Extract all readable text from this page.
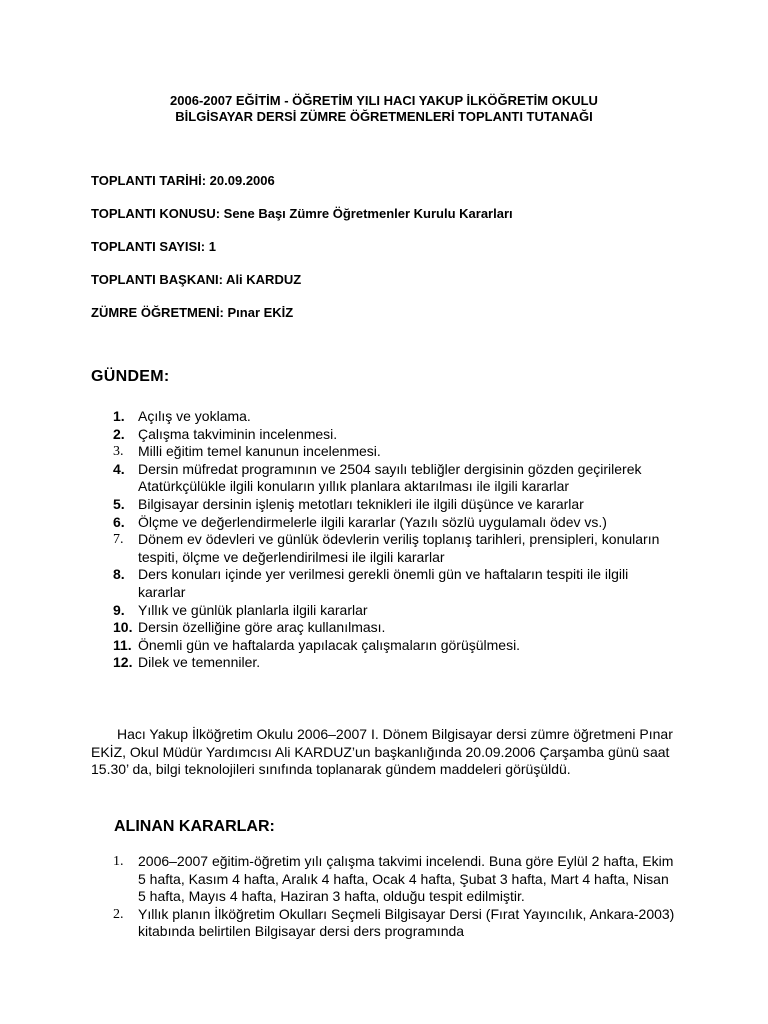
2006-2007 EĞİTİM - ÖĞRETİM YILI HACI YAKUP İLKÖĞRETİM OKULU
BİLGİSAYAR DERSİ ZÜMRE ÖĞRETMENLERİ TOPLANTI TUTANAĞI
TOPLANTI TARİHİ: 20.09.2006
TOPLANTI KONUSU: Sene Başı Zümre Öğretmenler Kurulu Kararları
TOPLANTI SAYISI: 1
TOPLANTI BAŞKANI: Ali KARDUZ
ZÜMRE ÖĞRETMENİ: Pınar EKİZ
GÜNDEM:
1. Açılış ve yoklama.
2. Çalışma takviminin incelenmesi.
3.	Milli eğitim temel kanunun incelenmesi.
4. Dersin müfredat programının ve 2504 sayılı tebliğler dergisinin gözden geçirilerek Atatürkçülükle ilgili konuların yıllık planlara aktarılması ile ilgili kararlar
5. Bilgisayar dersinin işleniş metotları teknikleri ile ilgili düşünce ve kararlar
6. Ölçme ve değerlendirmelerle ilgili kararlar (Yazılı sözlü uygulamalı ödev vs.)
7.	Dönem ev ödevleri ve günlük ödevlerin veriliş toplanış tarihleri, prensipleri, konuların tespiti, ölçme ve değerlendirilmesi ile ilgili kararlar
8. Ders konuları içinde yer verilmesi gerekli önemli gün ve haftaların tespiti ile ilgili kararlar
9. Yıllık ve günlük planlarla ilgili kararlar
10. Dersin özelliğine göre araç kullanılması.
11. Önemli gün ve haftalarda yapılacak çalışmaların görüşülmesi.
12. Dilek ve temenniler.
Hacı Yakup İlköğretim Okulu 2006–2007 I. Dönem Bilgisayar dersi zümre öğretmeni Pınar EKİZ, Okul Müdür Yardımcısı Ali KARDUZ’un başkanlığında 20.09.2006 Çarşamba günü saat 15.30’ da, bilgi teknolojileri sınıfında toplanarak gündem maddeleri görüşüldü.
ALINAN KARARLAR:
1.	2006–2007 eğitim-öğretim yılı çalışma takvimi incelendi. Buna göre Eylül 2 hafta, Ekim 5 hafta, Kasım 4 hafta, Aralık 4 hafta, Ocak 4 hafta, Şubat 3 hafta, Mart 4 hafta, Nisan 5 hafta, Mayıs 4 hafta, Haziran 3 hafta, olduğu tespit edilmiştir.
2.	Yıllık planın İlköğretim Okulları Seçmeli Bilgisayar Dersi (Fırat Yayıncılık, Ankara-2003) kitabında belirtilen Bilgisayar dersi ders programında
